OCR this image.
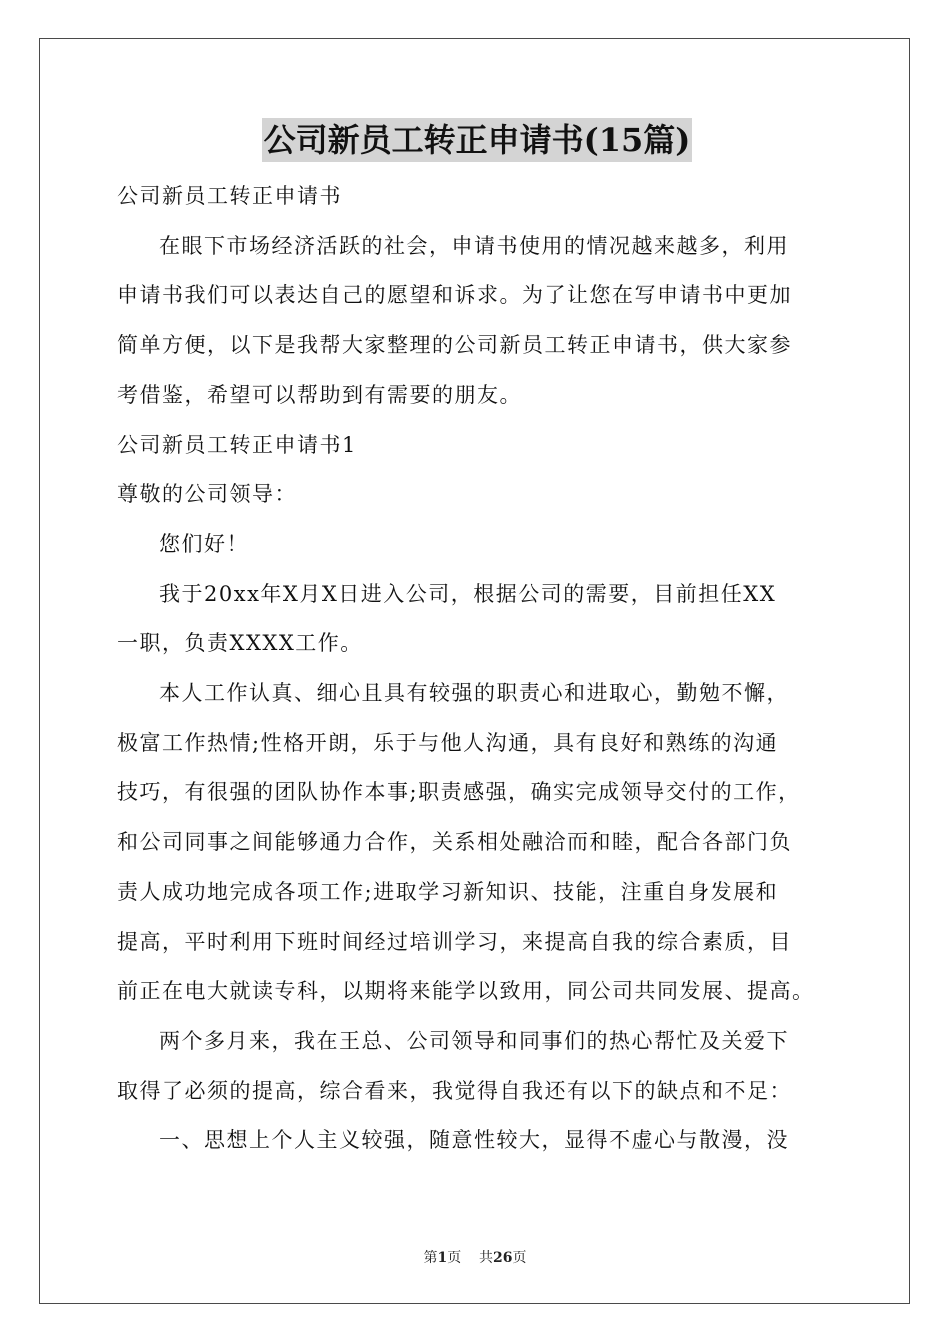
公司新员工转正申请书(15篇)
公司新员工转正申请书
在眼下市场经济活跃的社会，申请书使用的情况越来越多，利用
申请书我们可以表达自己的愿望和诉求。为了让您在写申请书中更加
简单方便，以下是我帮大家整理的公司新员工转正申请书，供大家参
考借鉴，希望可以帮助到有需要的朋友。
公司新员工转正申请书1
尊敬的公司领导：
您们好！
我于20xx年X月X日进入公司，根据公司的需要，目前担任XX
一职，负责XXXX工作。
本人工作认真、细心且具有较强的职责心和进取心，勤勉不懈，
极富工作热情;性格开朗，乐于与他人沟通，具有良好和熟练的沟通
技巧，有很强的团队协作本事;职责感强，确实完成领导交付的工作，
和公司同事之间能够通力合作，关系相处融洽而和睦，配合各部门负
责人成功地完成各项工作;进取学习新知识、技能，注重自身发展和
提高，平时利用下班时间经过培训学习，来提高自我的综合素质，目
前正在电大就读专科，以期将来能学以致用，同公司共同发展、提高。
两个多月来，我在王总、公司领导和同事们的热心帮忙及关爱下
取得了必须的提高，综合看来，我觉得自我还有以下的缺点和不足：
一、思想上个人主义较强，随意性较大，显得不虚心与散漫，没
第1页 共26页
